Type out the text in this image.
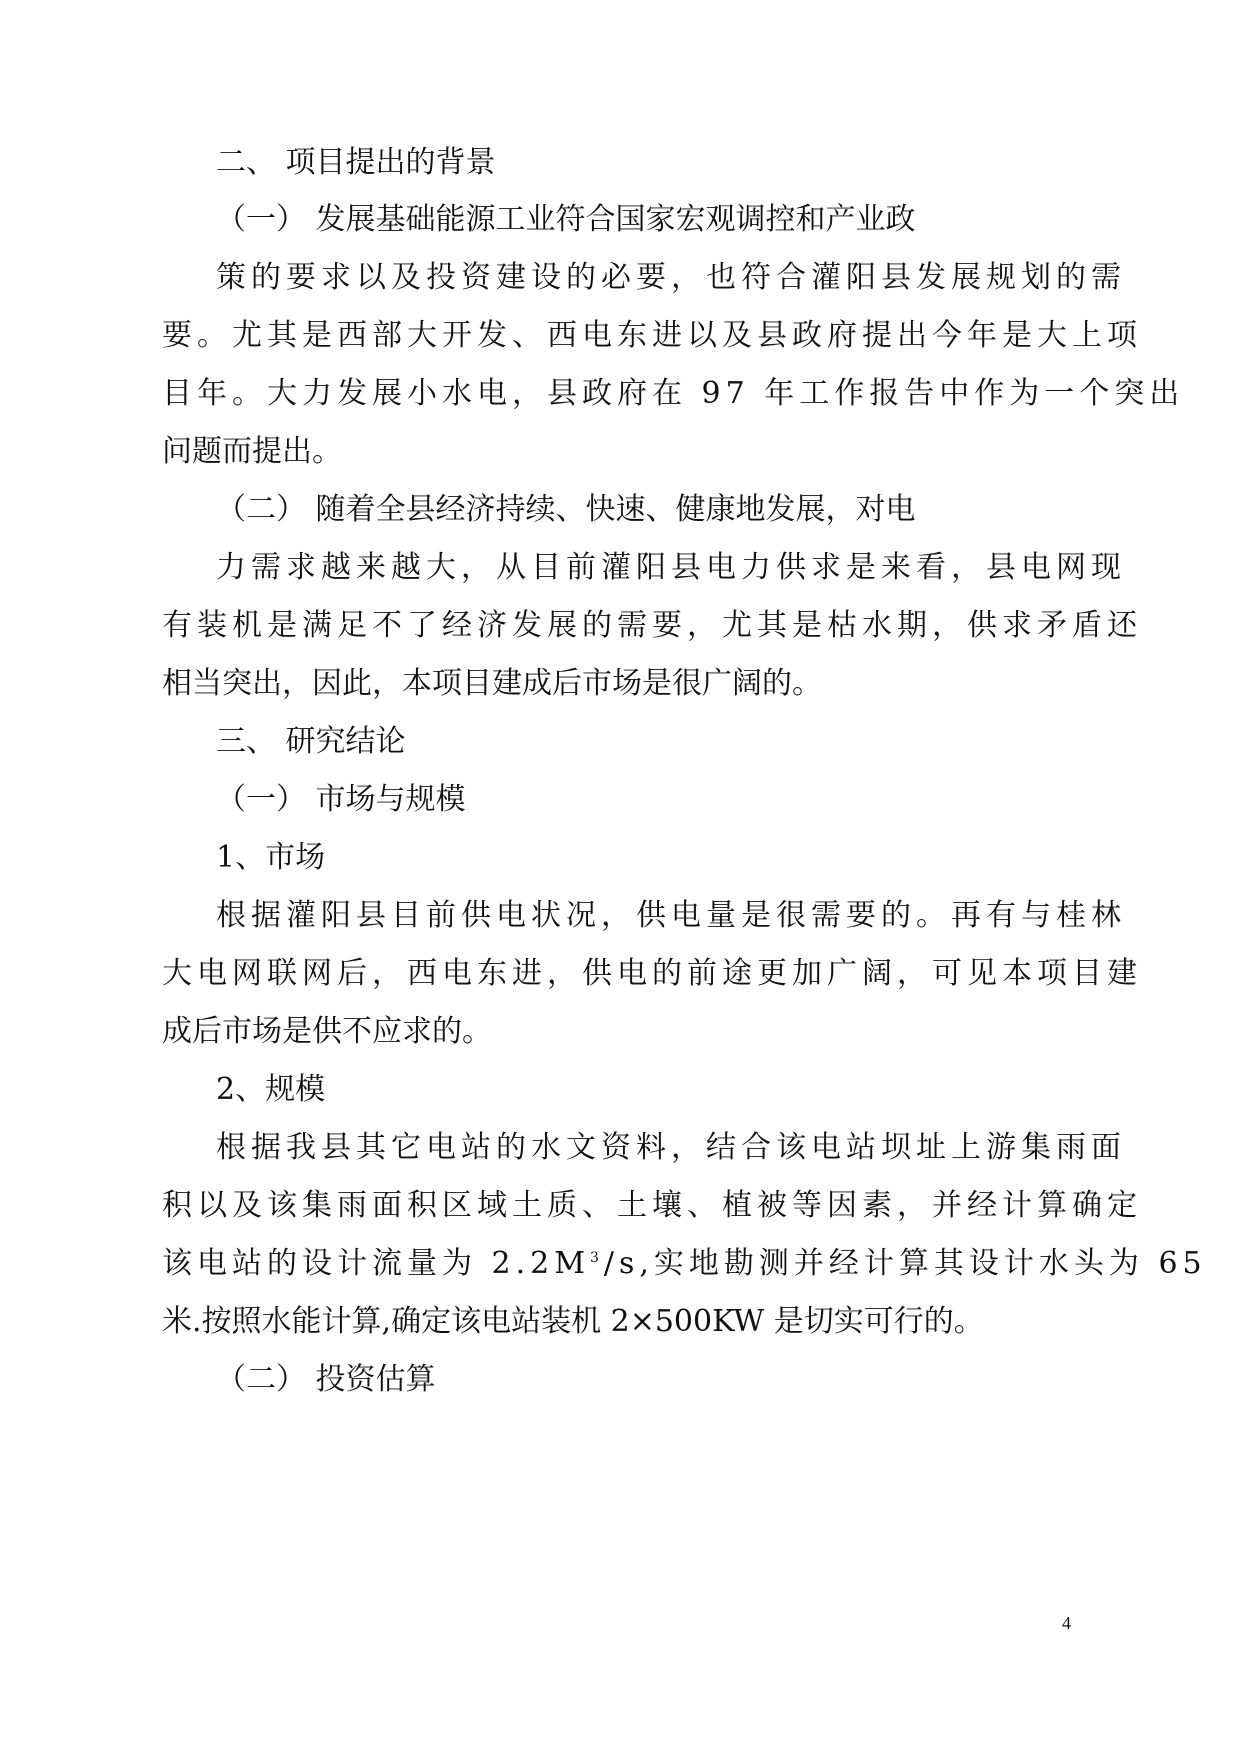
二、 项目提出的背景
（一） 发展基础能源工业符合国家宏观调控和产业政
策的要求以及投资建设的必要，也符合灌阳县发展规划的需
要。尤其是西部大开发、西电东进以及县政府提出今年是大上项
目年。大力发展小水电，县政府在 97 年工作报告中作为一个突出
问题而提出。
（二） 随着全县经济持续、快速、健康地发展，对电
力需求越来越大，从目前灌阳县电力供求是来看，县电网现
有装机是满足不了经济发展的需要，尤其是枯水期，供求矛盾还
相当突出，因此，本项目建成后市场是很广阔的。
三、 研究结论
（一） 市场与规模
1、市场
根据灌阳县目前供电状况，供电量是很需要的。再有与桂林
大电网联网后，西电东进，供电的前途更加广阔，可见本项目建
成后市场是供不应求的。
2、规模
根据我县其它电站的水文资料，结合该电站坝址上游集雨面
积以及该集雨面积区域土质、土壤、植被等因素，并经计算确定
该电站的设计流量为 $2.2M^3/s$,实地勘测并经计算其设计水头为 65
米.按照水能计算,确定该电站装机 2×500KW 是切实可行的。
（二） 投资估算
4
